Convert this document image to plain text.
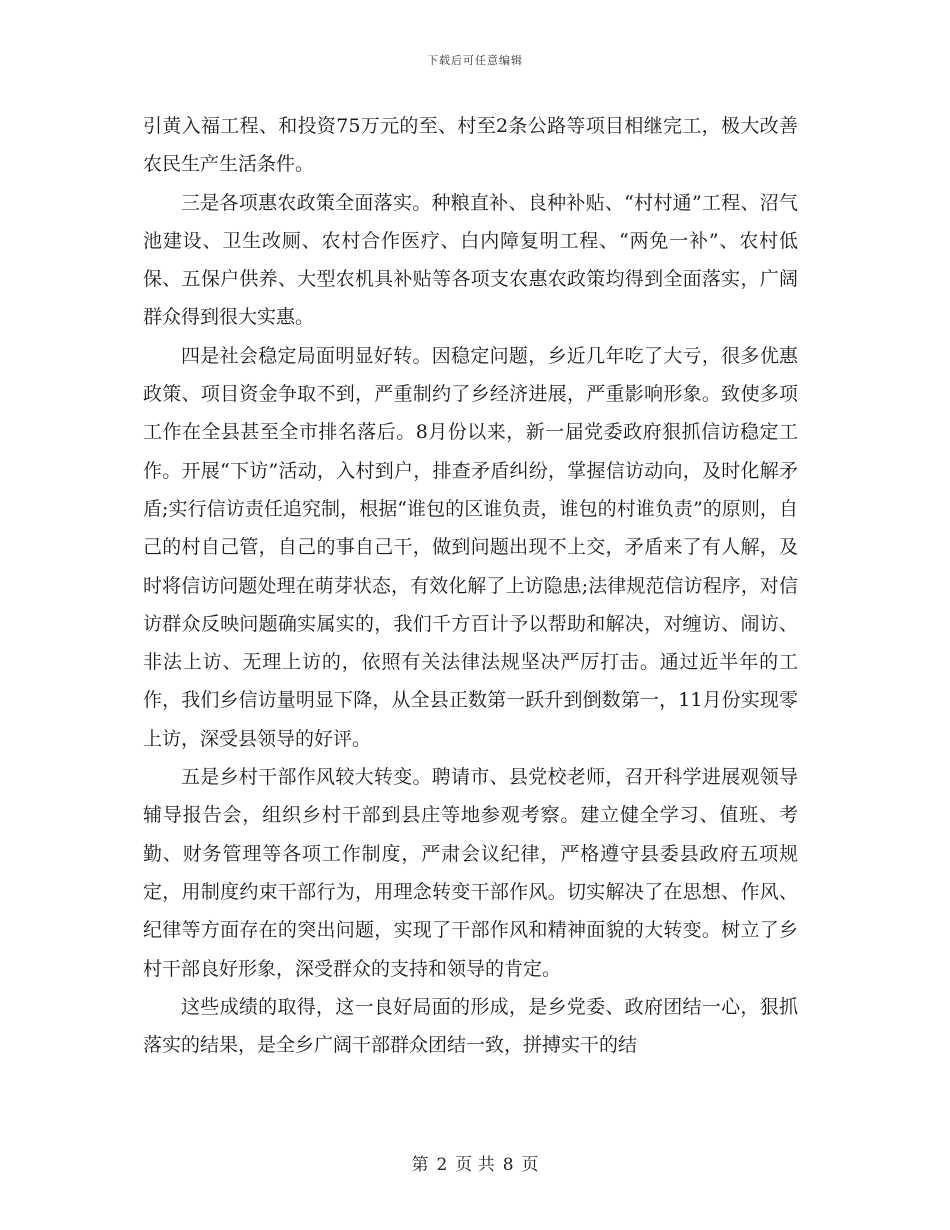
下载后可任意编辑

引黄入福工程、和投资75万元的至、村至2条公路等项目相继完工，极大改善农民生产生活条件。

三是各项惠农政策全面落实。种粮直补、良种补贴、“村村通”工程、沼气池建设、卫生改厕、农村合作医疗、白内障复明工程、“两免一补”、农村低保、五保户供养、大型农机具补贴等各项支农惠农政策均得到全面落实，广阔群众得到很大实惠。

四是社会稳定局面明显好转。因稳定问题，乡近几年吃了大亏，很多优惠政策、项目资金争取不到，严重制约了乡经济进展，严重影响形象。致使多项工作在全县甚至全市排名落后。8月份以来，新一届党委政府狠抓信访稳定工作。开展“下访”活动，入村到户，排查矛盾纠纷，掌握信访动向，及时化解矛盾;实行信访责任追究制，根据“谁包的区谁负责，谁包的村谁负责”的原则，自己的村自己管，自己的事自己干，做到问题出现不上交，矛盾来了有人解，及时将信访问题处理在萌芽状态，有效化解了上访隐患;法律规范信访程序，对信访群众反映问题确实属实的，我们千方百计予以帮助和解决，对缠访、闹访、非法上访、无理上访的，依照有关法律法规坚决严厉打击。通过近半年的工作，我们乡信访量明显下降，从全县正数第一跃升到倒数第一，11月份实现零上访，深受县领导的好评。

五是乡村干部作风较大转变。聘请市、县党校老师，召开科学进展观领导辅导报告会，组织乡村干部到县庄等地参观考察。建立健全学习、值班、考勤、财务管理等各项工作制度，严肃会议纪律，严格遵守县委县政府五项规定，用制度约束干部行为，用理念转变干部作风。切实解决了在思想、作风、纪律等方面存在的突出问题，实现了干部作风和精神面貌的大转变。树立了乡村干部良好形象，深受群众的支持和领导的肯定。

这些成绩的取得，这一良好局面的形成，是乡党委、政府团结一心，狠抓落实的结果，是全乡广阔干部群众团结一致，拼搏实干的结

第 2 页 共 8 页
